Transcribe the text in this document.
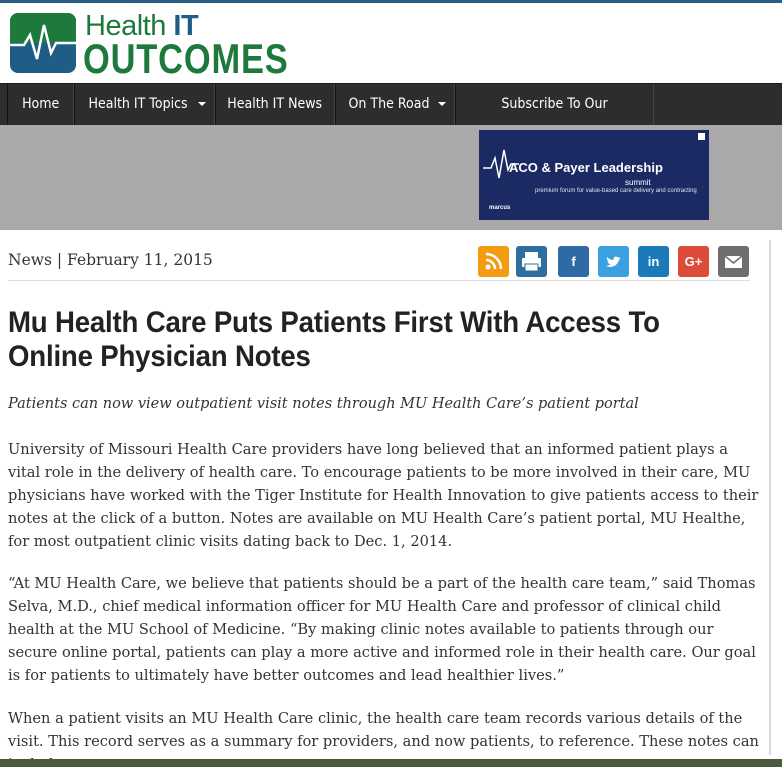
Health IT
OUTCOMES
Home	Health IT Topics	Health IT News	On The Road	Subscribe To Our
ACO & Payer Leadership
summit
premium forum for value-based care delivery and contracting
marcus
News | February 11, 2015	f	in	G+
Mu Health Care Puts Patients First With Access To Online Physician Notes
Patients can now view outpatient visit notes through MU Health Care’s patient portal

University of Missouri Health Care providers have long believed that an informed patient plays a vital role in the delivery of health care. To encourage patients to be more involved in their care, MU physicians have worked with the Tiger Institute for Health Innovation to give patients access to their notes at the click of a button. Notes are available on MU Health Care’s patient portal, MU Healthe, for most outpatient clinic visits dating back to Dec. 1, 2014.

“At MU Health Care, we believe that patients should be a part of the health care team,” said Thomas Selva, M.D., chief medical information officer for MU Health Care and professor of clinical child health at the MU School of Medicine. “By making clinic notes available to patients through our secure online portal, patients can play a more active and informed role in their health care. Our goal is for patients to ultimately have better outcomes and lead healthier lives.”

When a patient visits an MU Health Care clinic, the health care team records various details of the visit. This record serves as a summary for providers, and now patients, to reference. These notes can
